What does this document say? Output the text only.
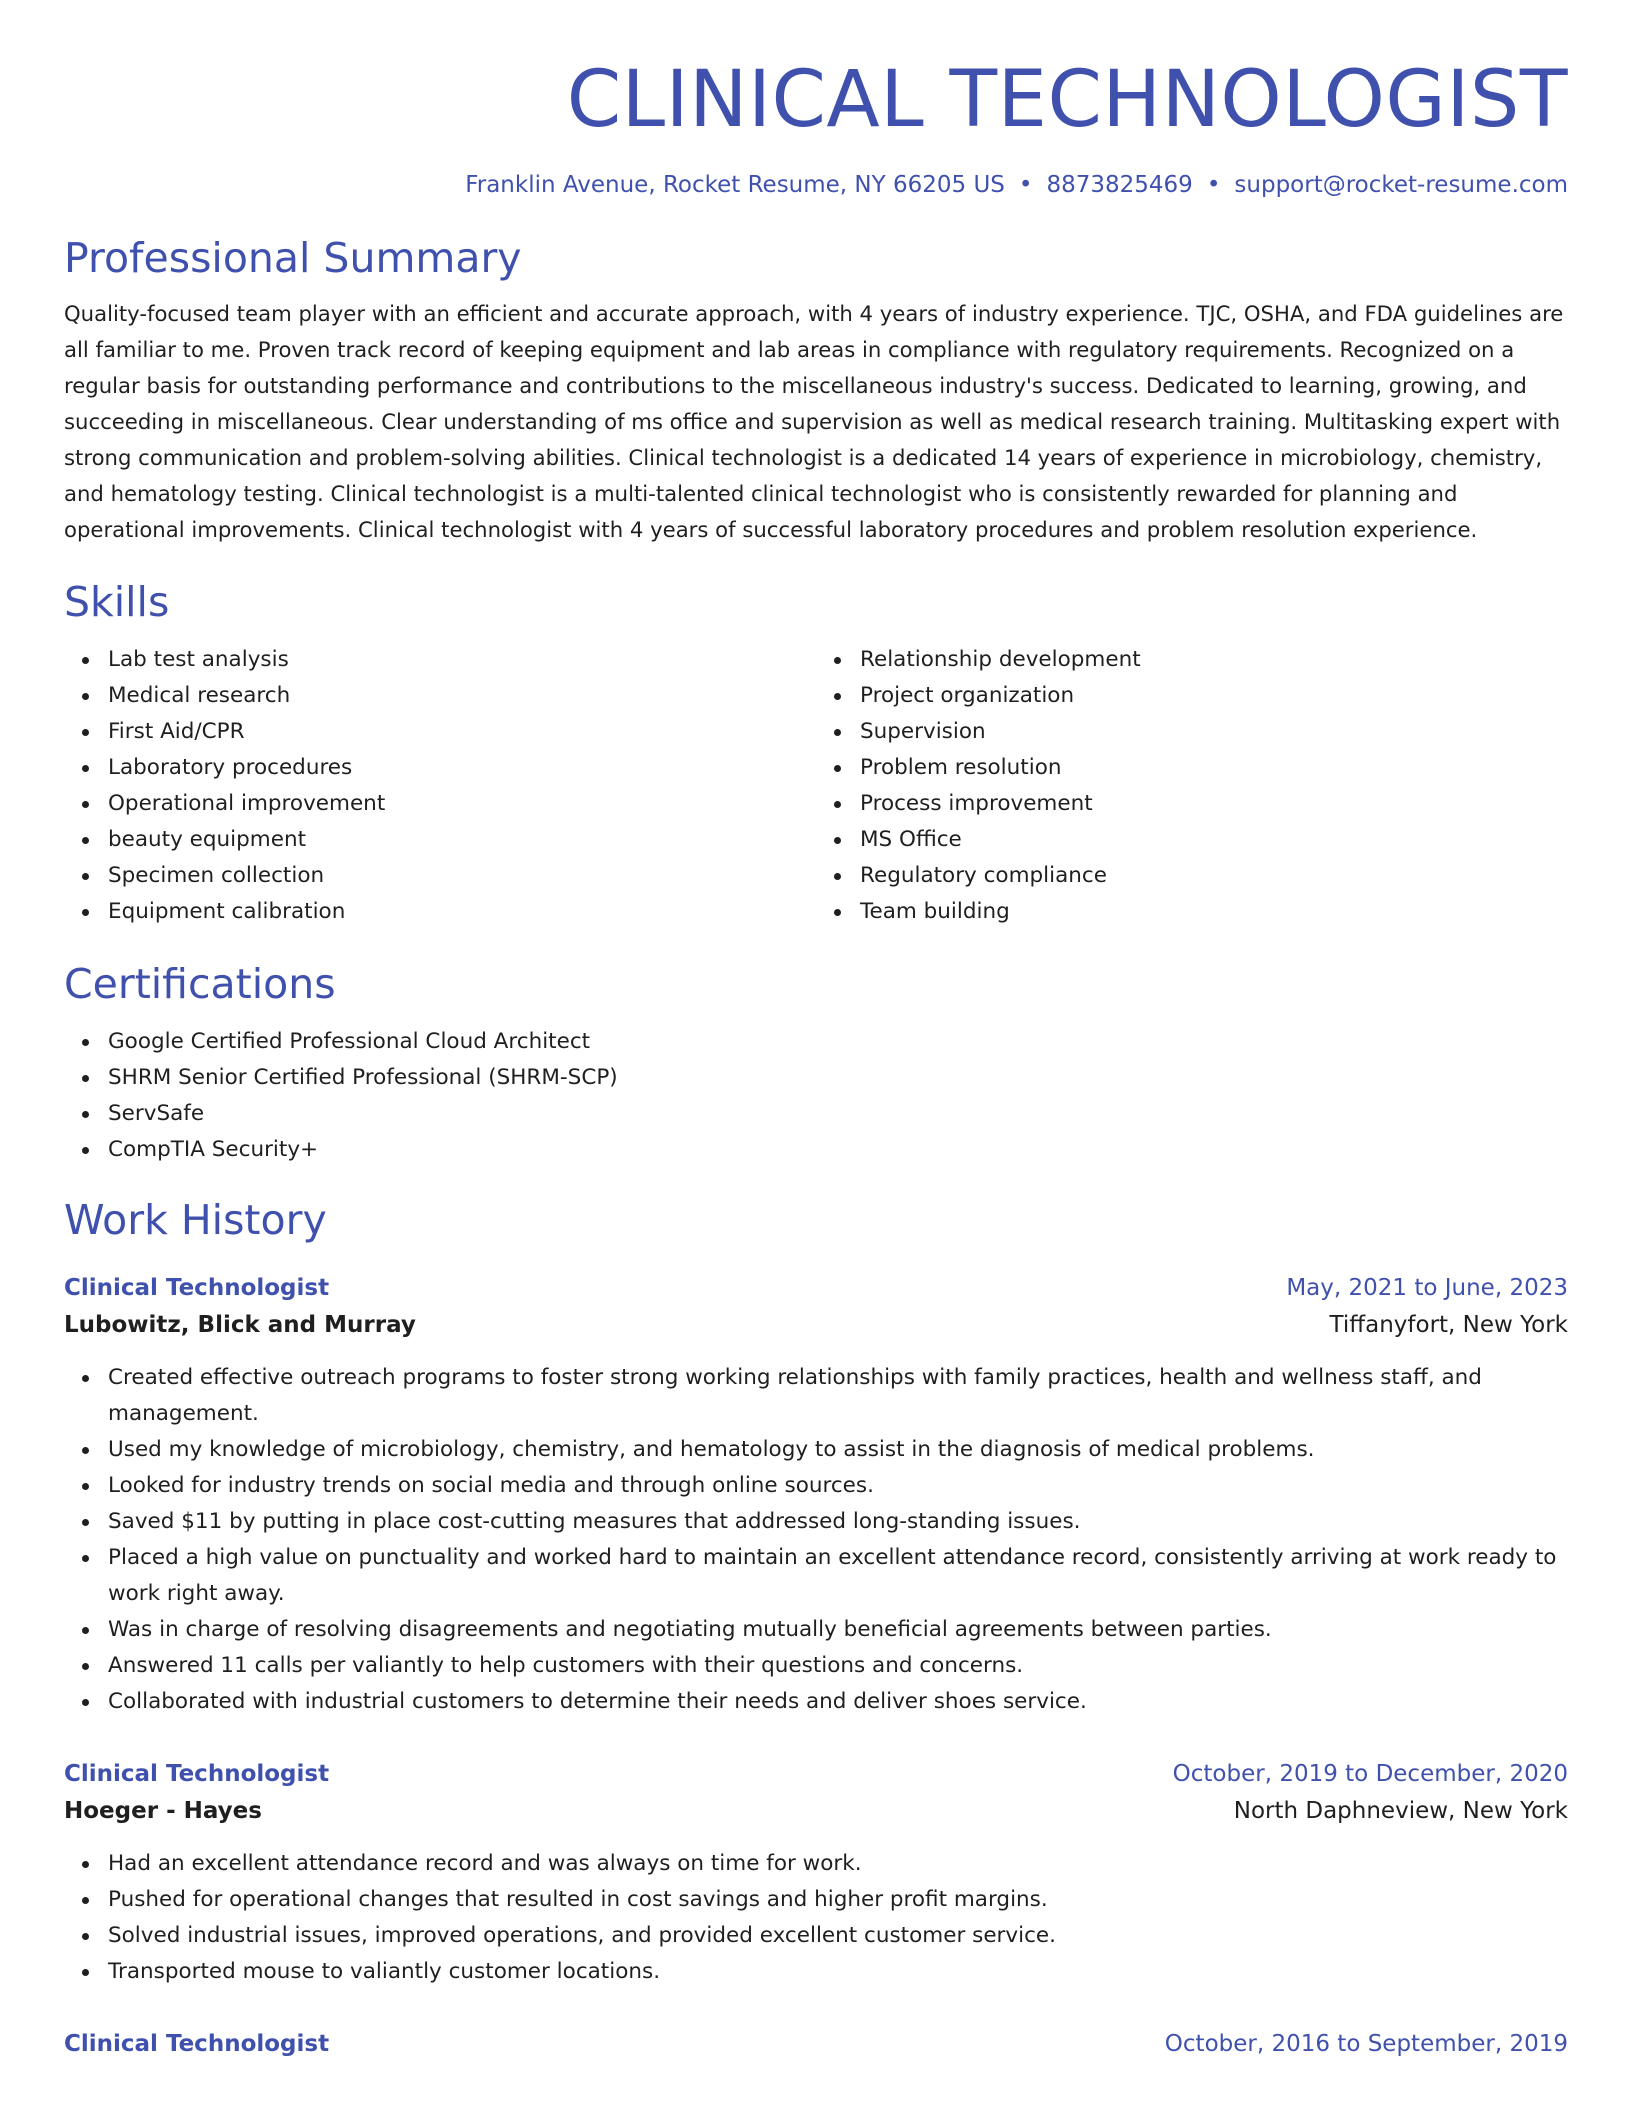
CLINICAL TECHNOLOGIST
Franklin Avenue, Rocket Resume, NY 66205 US • 8873825469 • support@rocket-resume.com
Professional Summary

Quality-focused team player with an efficient and accurate approach, with 4 years of industry experience. TJC, OSHA, and FDA guidelines are all familiar to me. Proven track record of keeping equipment and lab areas in compliance with regulatory requirements. Recognized on a regular basis for outstanding performance and contributions to the miscellaneous industry's success. Dedicated to learning, growing, and succeeding in miscellaneous. Clear understanding of ms office and supervision as well as medical research training. Multitasking expert with strong communication and problem-solving abilities. Clinical technologist is a dedicated 14 years of experience in microbiology, chemistry, and hematology testing. Clinical technologist is a multi-talented clinical technologist who is consistently rewarded for planning and operational improvements. Clinical technologist with 4 years of successful laboratory procedures and problem resolution experience.

Skills
Lab test analysis
Medical research
First Aid/CPR
Laboratory procedures
Operational improvement
beauty equipment
Specimen collection
Equipment calibration
Relationship development
Project organization
Supervision
Problem resolution
Process improvement
MS Office
Regulatory compliance
Team building
Certifications
Google Certified Professional Cloud Architect
SHRM Senior Certified Professional (SHRM-SCP)
ServSafe
CompTIA Security+
Work History
Clinical Technologist	May, 2021 to June, 2023
Lubowitz, Blick and Murray	Tiffanyfort, New York
Created effective outreach programs to foster strong working relationships with family practices, health and wellness staff, and management.
Used my knowledge of microbiology, chemistry, and hematology to assist in the diagnosis of medical problems.
Looked for industry trends on social media and through online sources.
Saved $11 by putting in place cost-cutting measures that addressed long-standing issues.
Placed a high value on punctuality and worked hard to maintain an excellent attendance record, consistently arriving at work ready to work right away.
Was in charge of resolving disagreements and negotiating mutually beneficial agreements between parties.
Answered 11 calls per valiantly to help customers with their questions and concerns.
Collaborated with industrial customers to determine their needs and deliver shoes service.
Clinical Technologist	October, 2019 to December, 2020
Hoeger - Hayes	North Daphneview, New York
Had an excellent attendance record and was always on time for work.
Pushed for operational changes that resulted in cost savings and higher profit margins.
Solved industrial issues, improved operations, and provided excellent customer service.
Transported mouse to valiantly customer locations.
Clinical Technologist	October, 2016 to September, 2019
